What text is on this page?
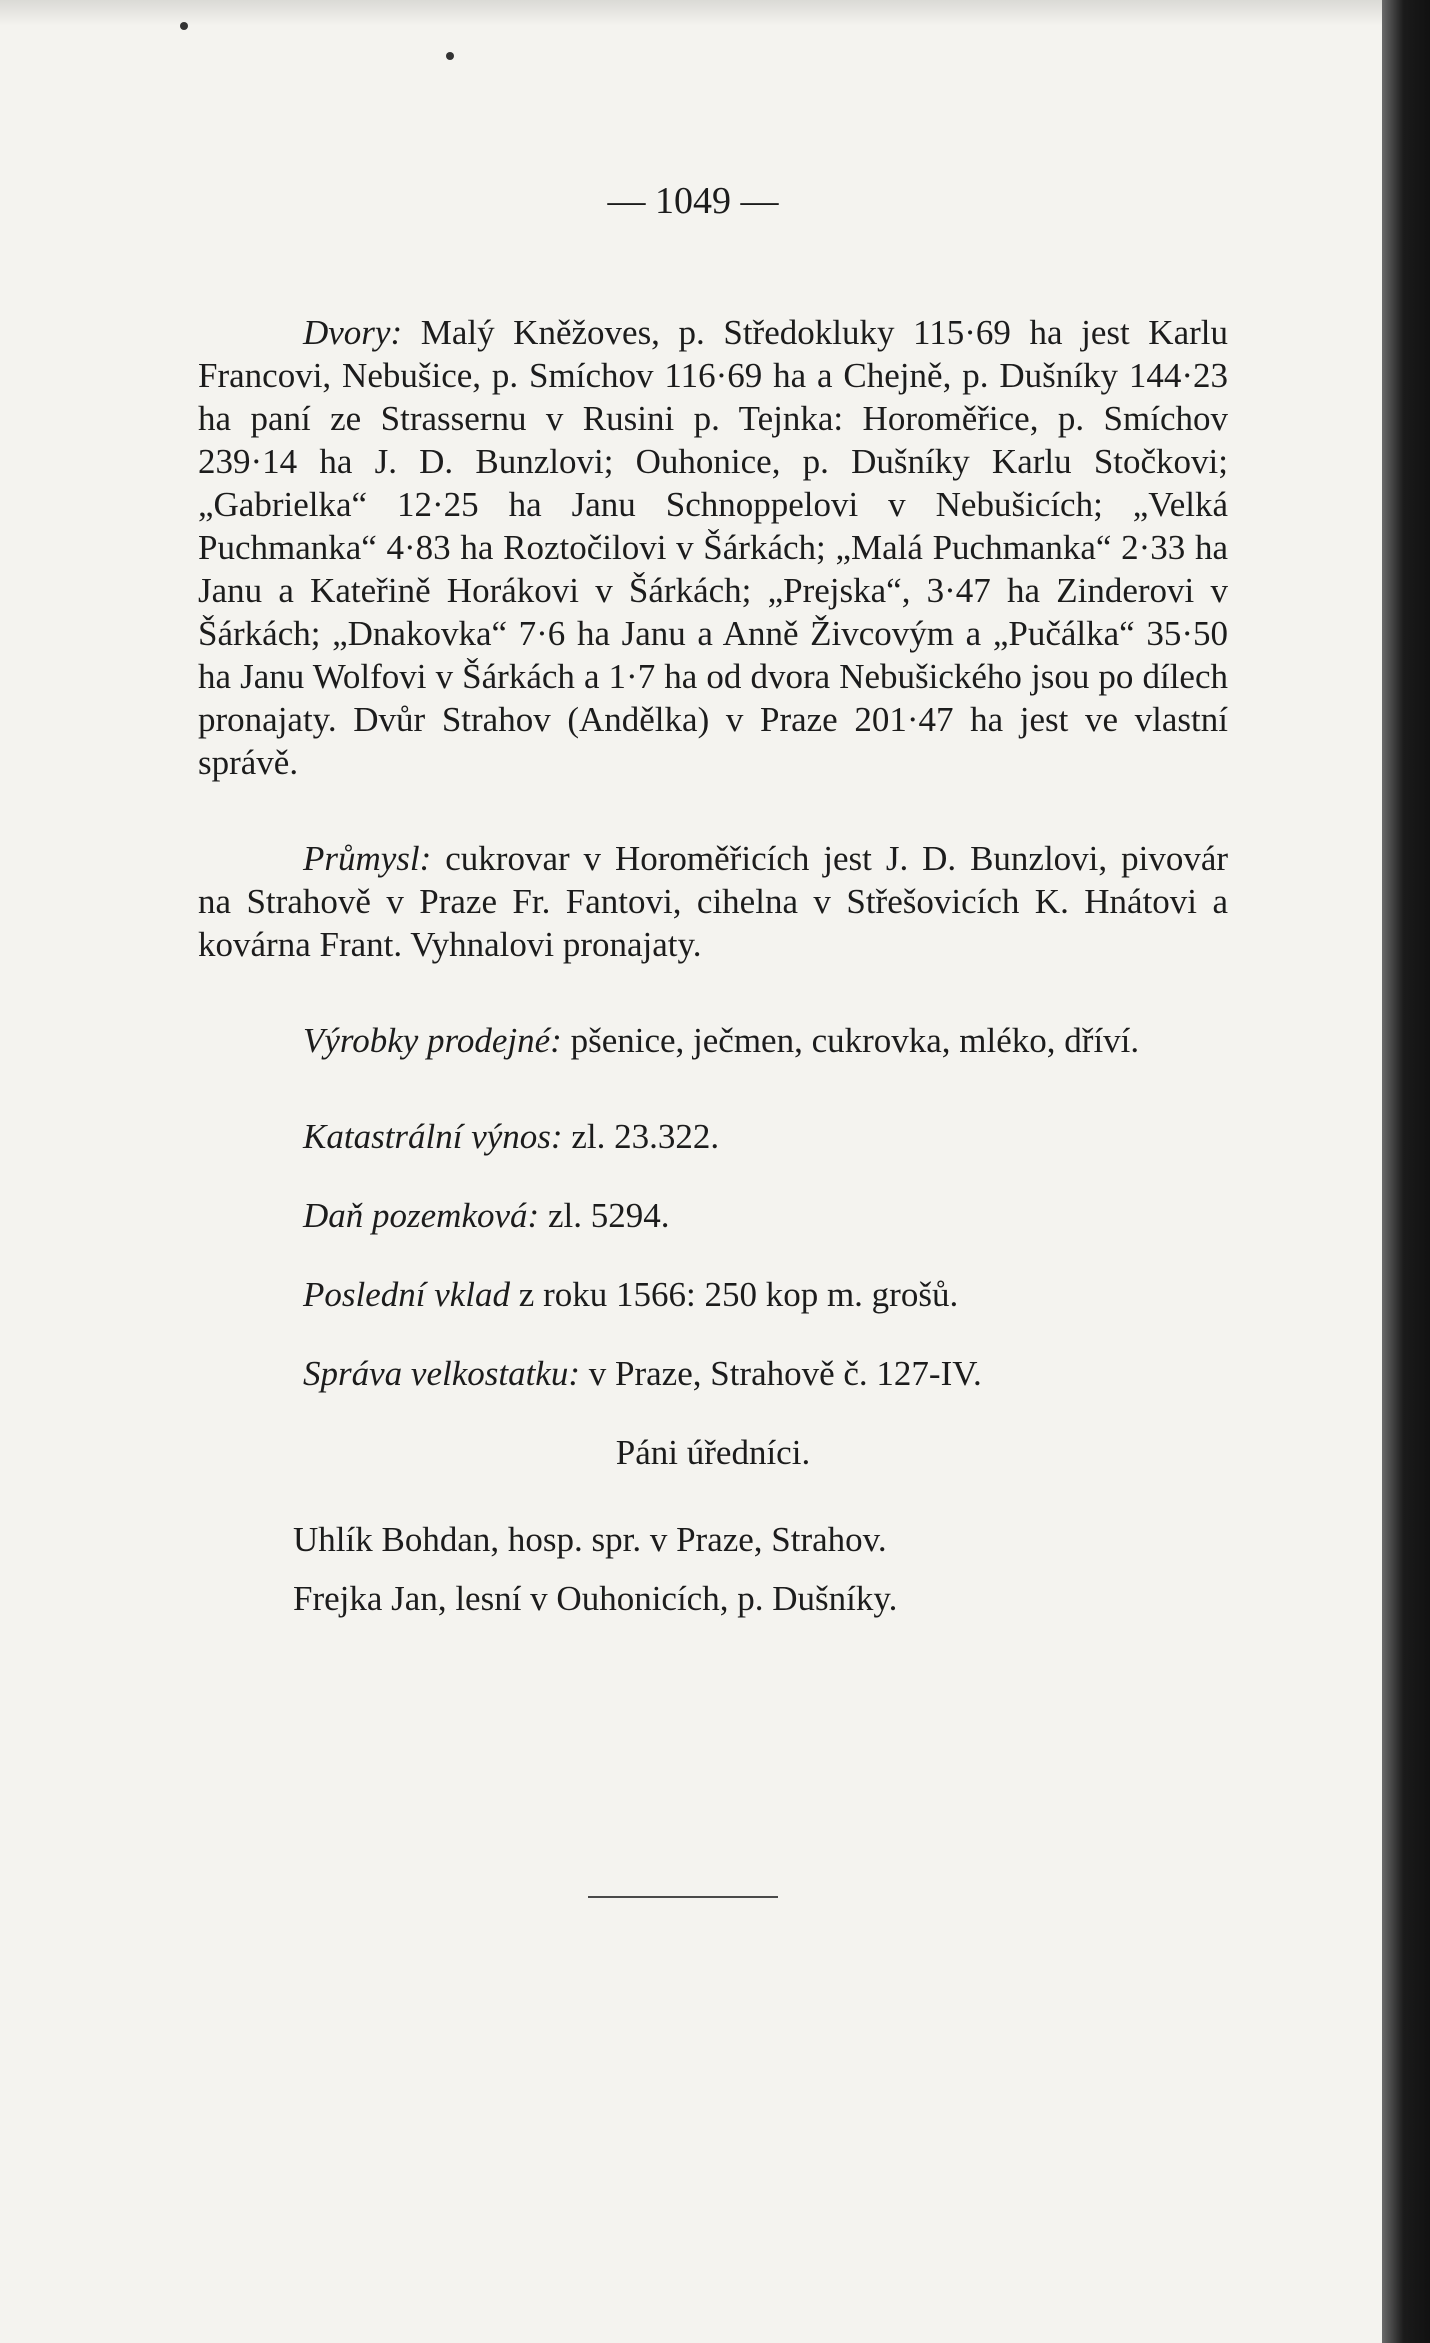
— 1049 —

Dvory: Malý Kněžoves, p. Středokluky 115·69 ha jest Karlu Francovi, Nebušice, p. Smíchov 116·69 ha a Chejně, p. Dušníky 144·23 ha paní ze Strassernu v Rusini p. Tejnka: Horoměřice, p. Smíchov 239·14 ha J. D. Bunzlovi; Ouhonice, p. Dušníky Karlu Stočkovi; „Gabrielka“ 12·25 ha Janu Schnoppelovi v Nebušicích; „Velká Puchmanka“ 4·83 ha Roztočilovi v Šárkách; „Malá Puchmanka“ 2·33 ha Janu a Kateřině Horákovi v Šárkách; „Prejska“, 3·47 ha Zinderovi v Šárkách; „Dnakovka“ 7·6 ha Janu a Anně Živcovým a „Pučálka“ 35·50 ha Janu Wolfovi v Šárkách a 1·7 ha od dvora Nebušického jsou po dílech pronajaty. Dvůr Strahov (Andělka) v Praze 201·47 ha jest ve vlastní správě.

Průmysl: cukrovar v Horoměřicích jest J. D. Bunzlovi, pivovár na Strahově v Praze Fr. Fantovi, cihelna v Střešovicích K. Hnátovi a kovárna Frant. Vyhnalovi pronajaty.

Výrobky prodejné: pšenice, ječmen, cukrovka, mléko, dříví.

Katastrální výnos: zl. 23.322.

Daň pozemková: zl. 5294.

Poslední vklad z roku 1566: 250 kop m. grošů.

Správa velkostatku: v Praze, Strahově č. 127-IV.

Páni úředníci.
Uhlík Bohdan, hosp. spr. v Praze, Strahov.
Frejka Jan, lesní v Ouhonicích, p. Dušníky.
